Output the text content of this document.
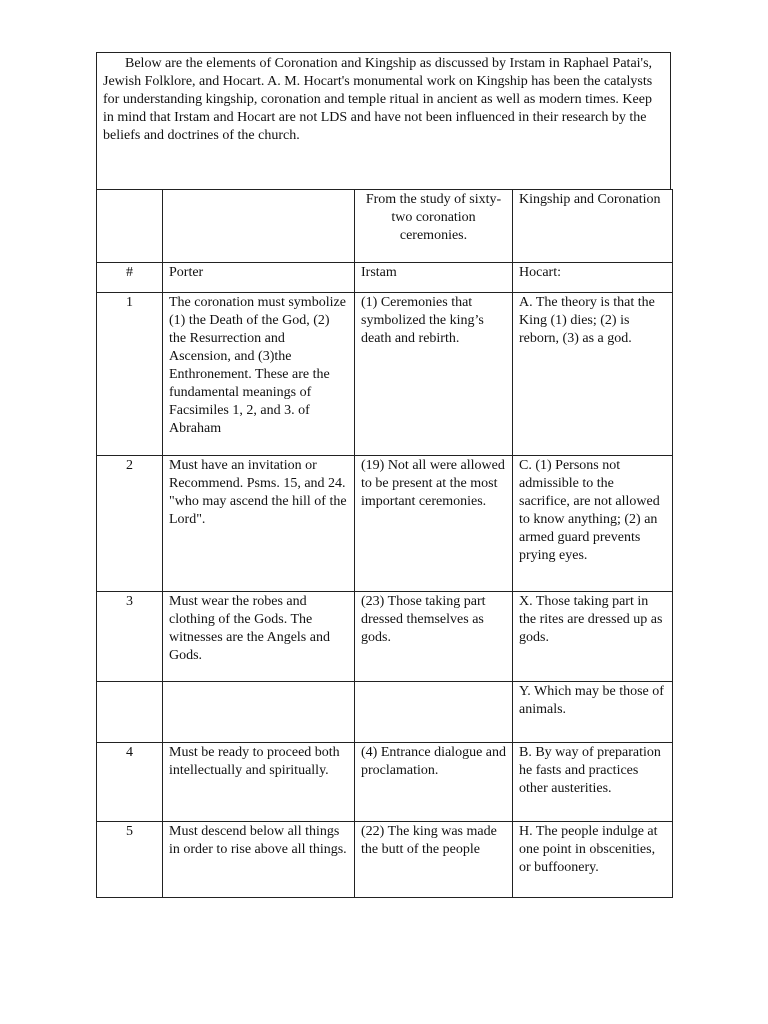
Below are the elements of Coronation and Kingship as discussed by Irstam in Raphael Patai's, Jewish Folklore, and Hocart. A. M. Hocart's monumental work on Kingship has been the catalysts for understanding kingship, coronation and temple ritual in ancient as well as modern times. Keep in mind that Irstam and Hocart are not LDS and have not been influenced in their research by the beliefs and doctrines of the church.

		From the study of sixty-two coronation ceremonies.	Kingship and Coronation
#	Porter	Irstam	Hocart:
1	The coronation must symbolize (1) the Death of the God, (2) the Resurrection and Ascension, and (3)the Enthronement. These are the fundamental meanings of Facsimiles 1, 2, and 3. of Abraham	(1) Ceremonies that symbolized the king’s death and rebirth.	A. The theory is that the King (1) dies; (2) is reborn, (3) as a god.
2	Must have an invitation or Recommend. Psms. 15, and 24. "who may ascend the hill of the Lord".	(19) Not all were allowed to be present at the most important ceremonies.	C. (1) Persons not admissible to the sacrifice, are not allowed to know anything; (2) an armed guard prevents prying eyes.
3	Must wear the robes and clothing of the Gods. The witnesses are the Angels and Gods.	(23) Those taking part dressed themselves as gods.	X. Those taking part in the rites are dressed up as gods.
			Y. Which may be those of animals.
4	Must be ready to proceed both intellectually and spiritually.	(4) Entrance dialogue and proclamation.	B. By way of preparation he fasts and practices other austerities.
5	Must descend below all things in order to rise above all things.	(22) The king was made the butt of the people	H. The people indulge at one point in obscenities, or buffoonery.
